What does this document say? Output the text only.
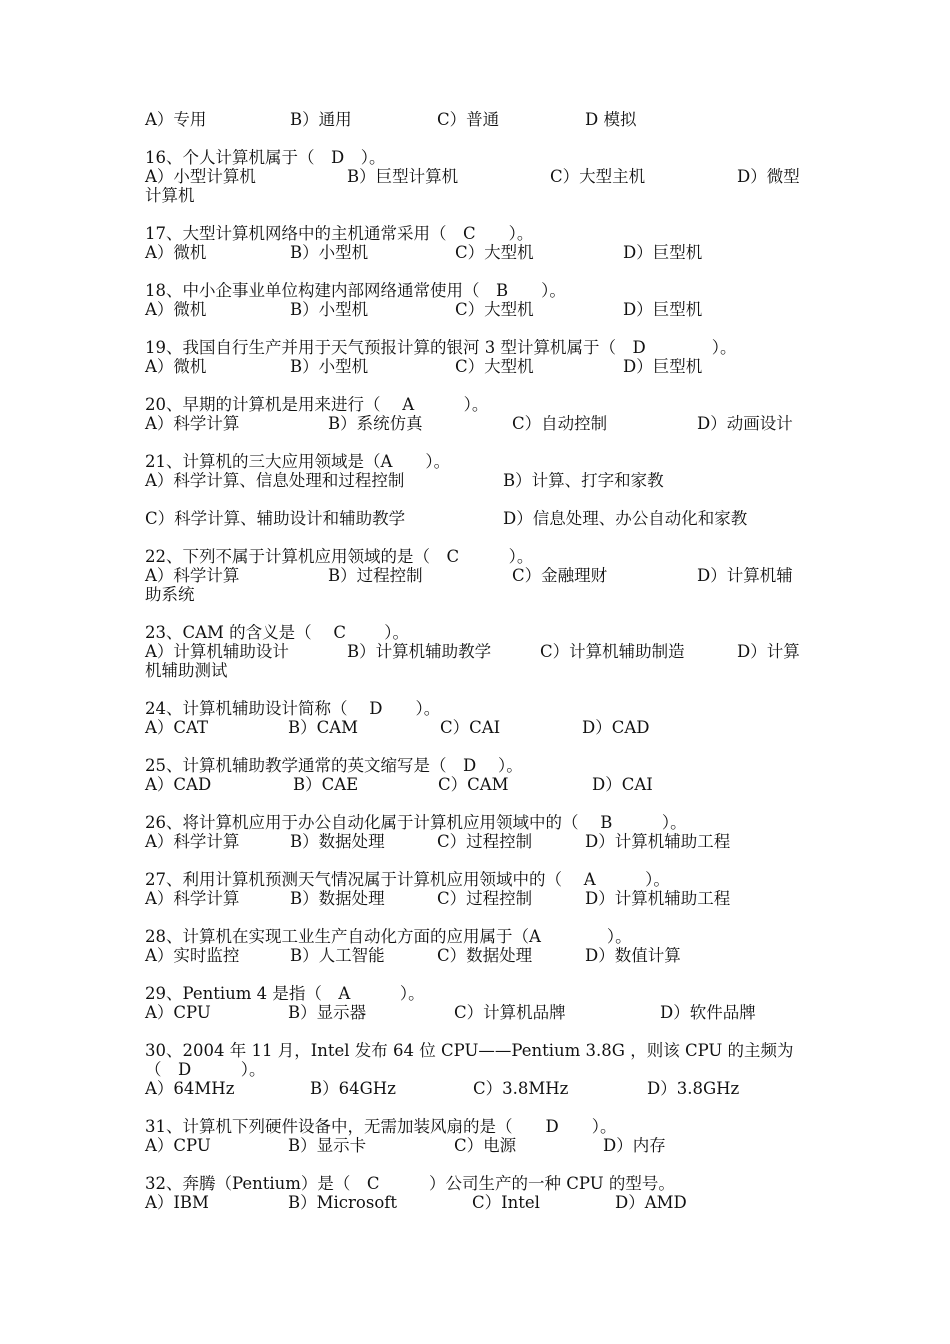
A）专用	B）通用	C）普通	D 模拟
16、个人计算机属于（　D　）。
A）小型计算机	B）巨型计算机	C）大型主机	D）微型
计算机
17、大型计算机网络中的主机通常采用（　C　　）。
A）微机	B）小型机	C）大型机	D）巨型机
18、中小企事业单位构建内部网络通常使用（　B　　）。
A）微机	B）小型机	C）大型机	D）巨型机
19、我国自行生产并用于天气预报计算的银河 3 型计算机属于（　D　　　　）。
A）微机	B）小型机	C）大型机	D）巨型机
20、早期的计算机是用来进行（　 A　　　）。
A）科学计算	B）系统仿真	C）自动控制	D）动画设计
21、计算机的三大应用领域是（A　　）。
A）科学计算、信息处理和过程控制	B）计算、打字和家教
C）科学计算、辅助设计和辅助教学	D）信息处理、办公自动化和家教
22、下列不属于计算机应用领域的是（　C　　　）。
A）科学计算	B）过程控制	C）金融理财	D）计算机辅
助系统
23、CAM 的含义是（　 C　　 ）。
A）计算机辅助设计	B）计算机辅助教学	C）计算机辅助制造	D）计算
机辅助测试
24、计算机辅助设计简称（　 D　　）。
A）CAT	B）CAM	C）CAI	D）CAD
25、计算机辅助教学通常的英文缩写是（　D　 ）。
A）CAD	B）CAE	C）CAM	D）CAI
26、将计算机应用于办公自动化属于计算机应用领域中的（　 B　　　）。
A）科学计算	B）数据处理	C）过程控制	D）计算机辅助工程
27、利用计算机预测天气情况属于计算机应用领域中的（　 A　　　）。
A）科学计算	B）数据处理	C）过程控制	D）计算机辅助工程
28、计算机在实现工业生产自动化方面的应用属于（A　　　　）。
A）实时监控	B）人工智能	C）数据处理	D）数值计算
29、Pentium 4 是指（　A　　　）。
A）CPU	B）显示器	C）计算机品牌	D）软件品牌
30、2004 年 11 月，Intel 发布 64 位 CPU——Pentium 3.8G ，则该 CPU 的主频为（　D　　　）。
A）64MHz	B）64GHz	C）3.8MHz	D）3.8GHz
31、计算机下列硬件设备中，无需加装风扇的是（　　D　　）。
A）CPU	B）显示卡	C）电源	D）内存
32、奔腾（Pentium）是（　C　　　）公司生产的一种 CPU 的型号。
A）IBM	B）Microsoft	C）Intel	D）AMD
